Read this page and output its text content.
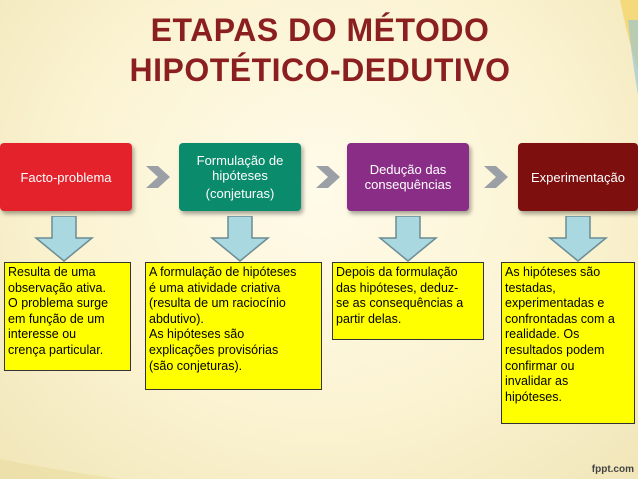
ETAPAS DO MÉTODO
HIPOTÉTICO-DEDUTIVO
Facto-problema
Formulação de
hipóteses
(conjeturas)
Dedução das
consequências	Experimentação
Resulta de uma
observação ativa.
O problema surge
em função de um
interesse ou
crença particular.
A formulação de hipóteses
é uma atividade criativa
(resulta de um raciocínio
abdutivo).
As hipóteses são
explicações provisórias
(são conjeturas).
Depois da formulação
das hipóteses, deduz-
se as consequências a
partir delas.
As hipóteses são
testadas,
experimentadas e
confrontadas com a
realidade. Os
resultados podem
confirmar ou
invalidar as
hipóteses.
fppt.com
